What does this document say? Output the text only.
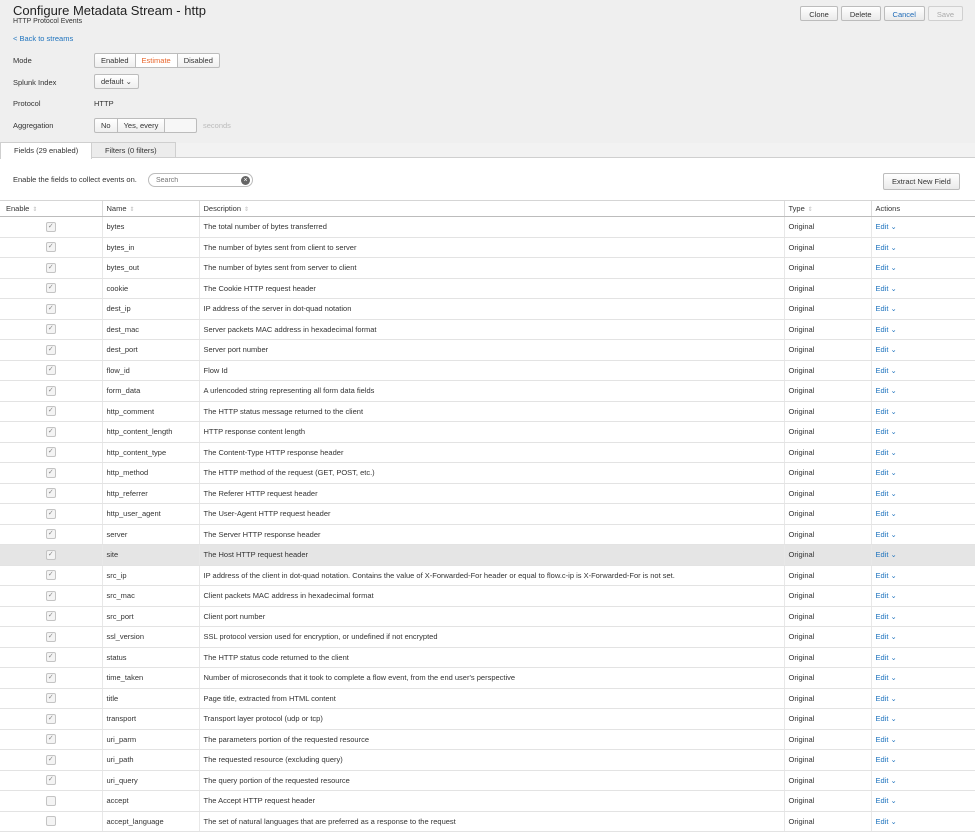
Configure Metadata Stream - http
HTTP Protocol Events
< Back to streams
Clone	Delete	Cancel	Save
Mode	Enabled	Estimate	Disabled
Splunk Index	default ⌄
Protocol	HTTP
Aggregation	No	Yes, every	seconds
Fields (29 enabled)	Filters (0 filters)
Enable the fields to collect events on.
Search	×	Extract New Field
Enable ⇕	Name ⇕	Description ⇕	Type ⇕	Actions
✓	bytes	The total number of bytes transferred	Original	Edit ⌄
✓	bytes_in	The number of bytes sent from client to server	Original	Edit ⌄
✓	bytes_out	The number of bytes sent from server to client	Original	Edit ⌄
✓	cookie	The Cookie HTTP request header	Original	Edit ⌄
✓	dest_ip	IP address of the server in dot-quad notation	Original	Edit ⌄
✓	dest_mac	Server packets MAC address in hexadecimal format	Original	Edit ⌄
✓	dest_port	Server port number	Original	Edit ⌄
✓	flow_id	Flow Id	Original	Edit ⌄
✓	form_data	A urlencoded string representing all form data fields	Original	Edit ⌄
✓	http_comment	The HTTP status message returned to the client	Original	Edit ⌄
✓	http_content_length	HTTP response content length	Original	Edit ⌄
✓	http_content_type	The Content-Type HTTP response header	Original	Edit ⌄
✓	http_method	The HTTP method of the request (GET, POST, etc.)	Original	Edit ⌄
✓	http_referrer	The Referer HTTP request header	Original	Edit ⌄
✓	http_user_agent	The User-Agent HTTP request header	Original	Edit ⌄
✓	server	The Server HTTP response header	Original	Edit ⌄
✓	site	The Host HTTP request header	Original	Edit ⌄
✓	src_ip	IP address of the client in dot-quad notation. Contains the value of X-Forwarded-For header or equal to flow.c-ip is X-Forwarded-For is not set.	Original	Edit ⌄
✓	src_mac	Client packets MAC address in hexadecimal format	Original	Edit ⌄
✓	src_port	Client port number	Original	Edit ⌄
✓	ssl_version	SSL protocol version used for encryption, or undefined if not encrypted	Original	Edit ⌄
✓	status	The HTTP status code returned to the client	Original	Edit ⌄
✓	time_taken	Number of microseconds that it took to complete a flow event, from the end user's perspective	Original	Edit ⌄
✓	title	Page title, extracted from HTML content	Original	Edit ⌄
✓	transport	Transport layer protocol (udp or tcp)	Original	Edit ⌄
✓	uri_parm	The parameters portion of the requested resource	Original	Edit ⌄
✓	uri_path	The requested resource (excluding query)	Original	Edit ⌄
✓	uri_query	The query portion of the requested resource	Original	Edit ⌄
	accept	The Accept HTTP request header	Original	Edit ⌄
	accept_language	The set of natural languages that are preferred as a response to the request	Original	Edit ⌄
